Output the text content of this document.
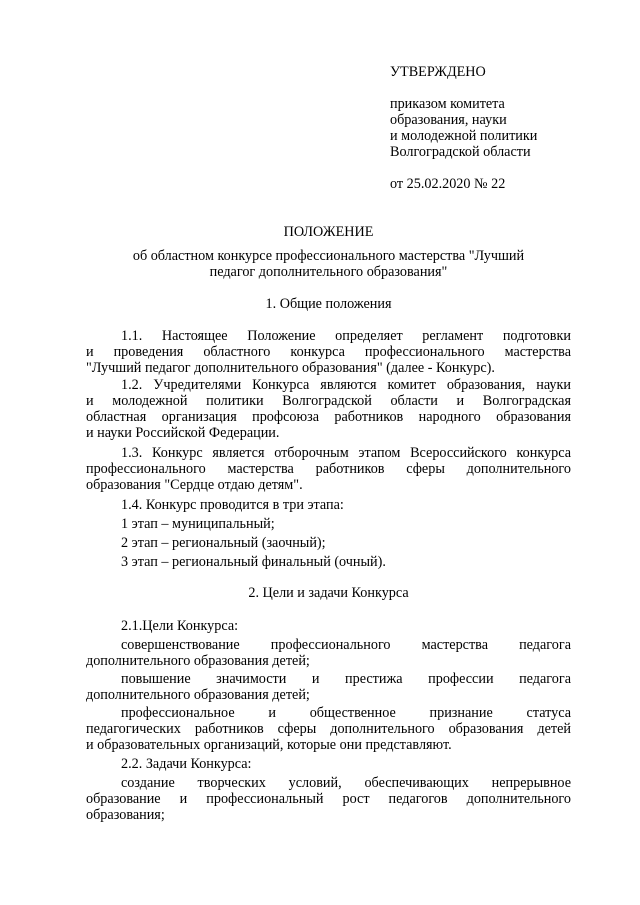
УТВЕРЖДЕНО
приказом комитета
образования, науки
и молодежной политики
Волгоградской области
от 25.02.2020 № 22
ПОЛОЖЕНИЕ
об областном конкурсе профессионального мастерства "Лучший
педагог дополнительного образования"
1. Общие положения
1.1. Настоящее Положение определяет регламент подготовки
и проведения областного конкурса профессионального мастерства
"Лучший педагог дополнительного образования" (далее - Конкурс).
1.2. Учредителями Конкурса являются комитет образования, науки
и молодежной политики Волгоградской области и Волгоградская
областная организация профсоюза работников народного образования
и науки Российской Федерации.
1.3. Конкурс является отборочным этапом Всероссийского конкурса
профессионального мастерства работников сферы дополнительного
образования "Сердце отдаю детям".
1.4. Конкурс проводится в три этапа:
1 этап – муниципальный;
2 этап – региональный (заочный);
3 этап – региональный финальный (очный).
2. Цели и задачи Конкурса
2.1.Цели Конкурса:
совершенствование профессионального мастерства педагога
дополнительного образования детей;
повышение значимости и престижа профессии педагога
дополнительного образования детей;
профессиональное и общественное признание статуса
педагогических работников сферы дополнительного образования детей
и образовательных организаций, которые они представляют.
2.2. Задачи Конкурса:
создание творческих условий, обеспечивающих непрерывное
образование и профессиональный рост педагогов дополнительного
образования;
